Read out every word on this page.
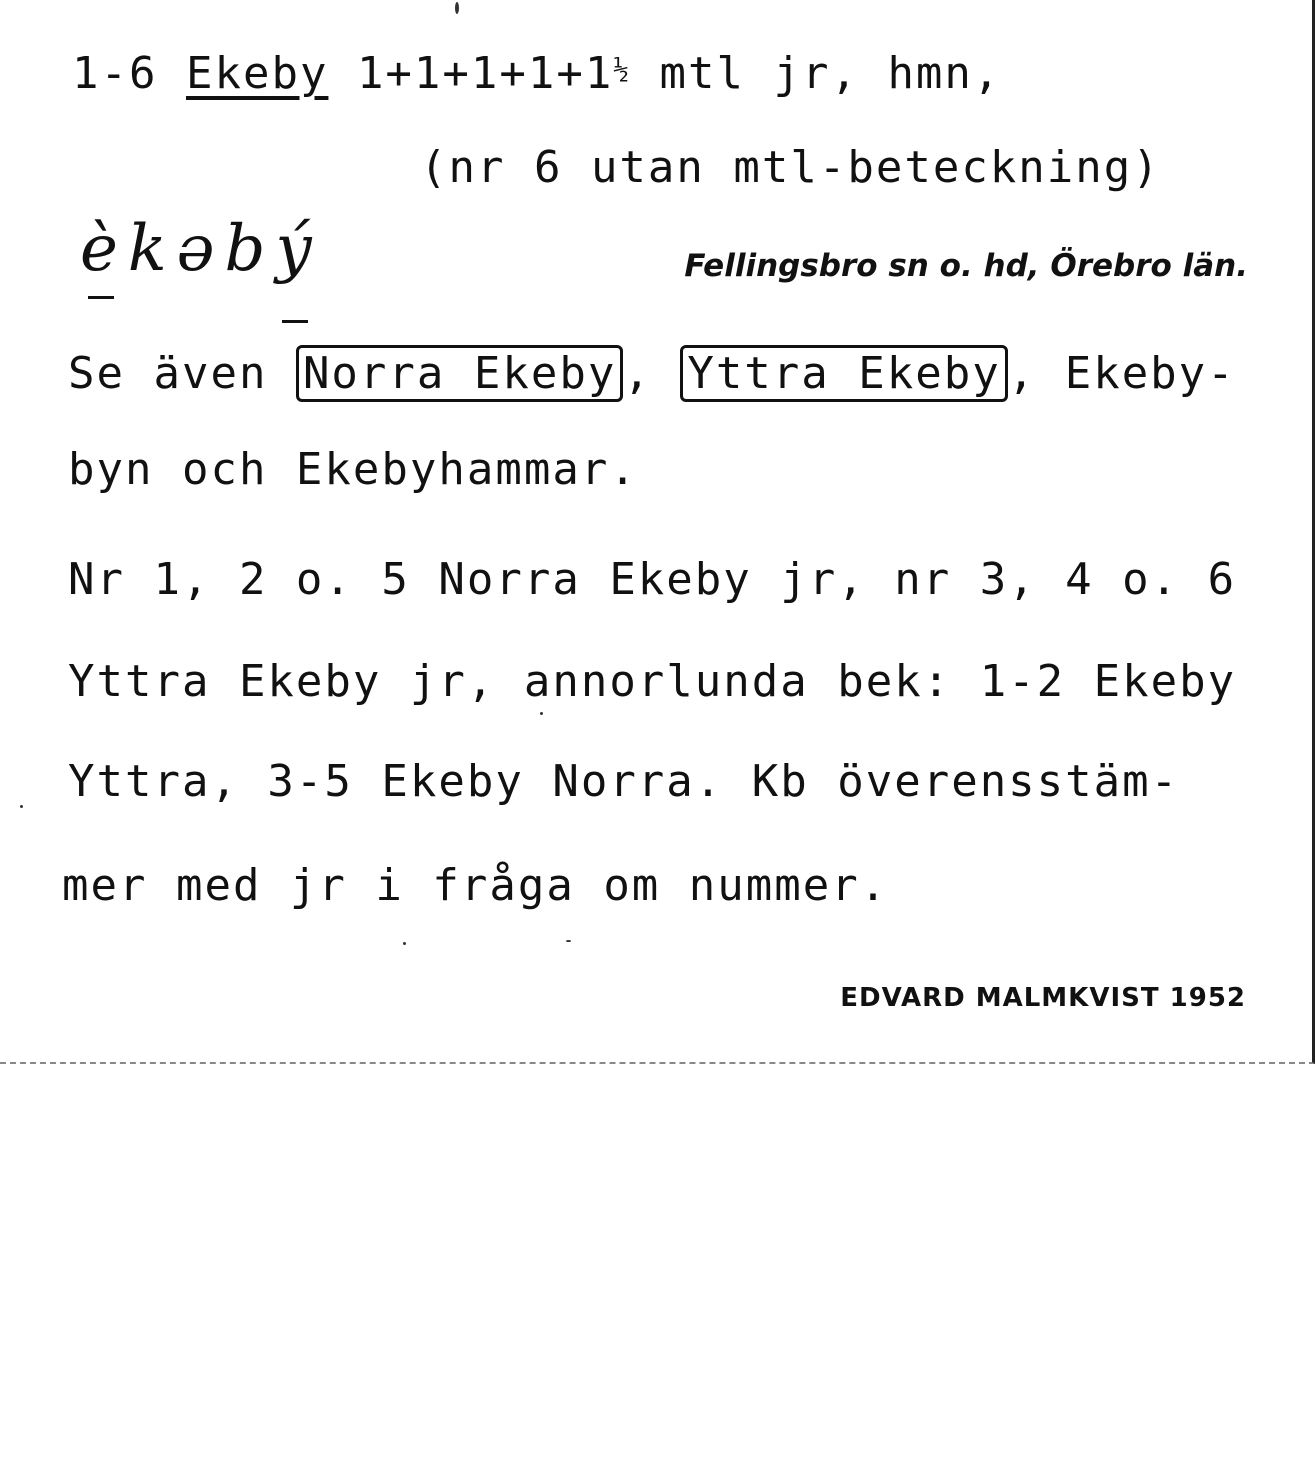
1-6 Ekeby $1+1+1+1+1^{\frac{1}{2}}$ mtl jr, hmn,
(nr 6 utan mtl-beteckning)
èkəbý	Fellingsbro sn o. hd, Örebro län.
Se även Norra Ekeby , Yttra Ekeby , Ekeby-
byn och Ekebyhammar.
Nr 1, 2 o. 5 Norra Ekeby jr, nr 3, 4 o. 6
Yttra Ekeby jr, annorlunda bek: 1-2 Ekeby
Yttra, 3-5 Ekeby Norra. Kb överensstäm-
mer med jr i fråga om nummer.
EDVARD MALMKVIST 1952
